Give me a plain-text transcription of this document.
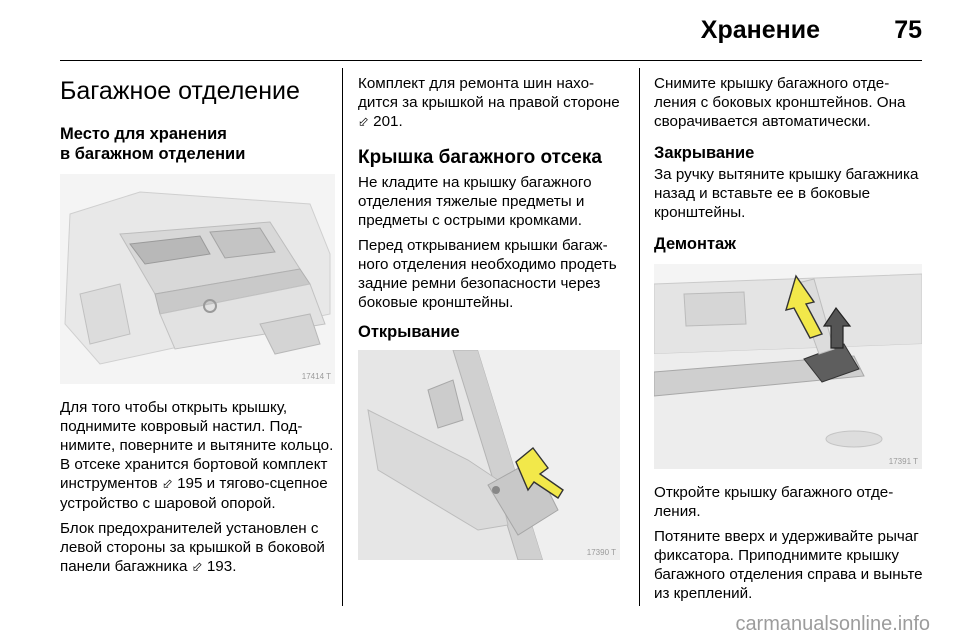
Хранение	75
Багажное отделение
Место для хранения
в багажном отделении
17414 T

Для того чтобы открыть крышку, поднимите ковровый настил. Поднимите, поверните и вытяните кольцо. В отсеке хранится бортовой комплект инструментов ⬃ 195 и тягово-сцепное устройство с шаровой опорой.

Блок предохранителей установлен с левой стороны за крышкой в боковой панели багажника ⬃ 193.

Комплект для ремонта шин находится за крышкой на правой стороне ⬃ 201.

Крышка багажного отсека

Не кладите на крышку багажного отделения тяжелые предметы и предметы с острыми кромками.

Перед открыванием крышки багажного отделения необходимо продеть задние ремни безопасности через боковые кронштейны.

Открывание
17390 T

Снимите крышку багажного отделения с боковых кронштейнов. Она сворачивается автоматически.

Закрывание

За ручку вытяните крышку багажника назад и вставьте ее в боковые кронштейны.

Демонтаж
17391 T

Откройте крышку багажного отделения.

Потяните вверх и удерживайте рычаг фиксатора. Приподнимите крышку багажного отделения справа и выньте из креплений.

carmanualsonline.info
